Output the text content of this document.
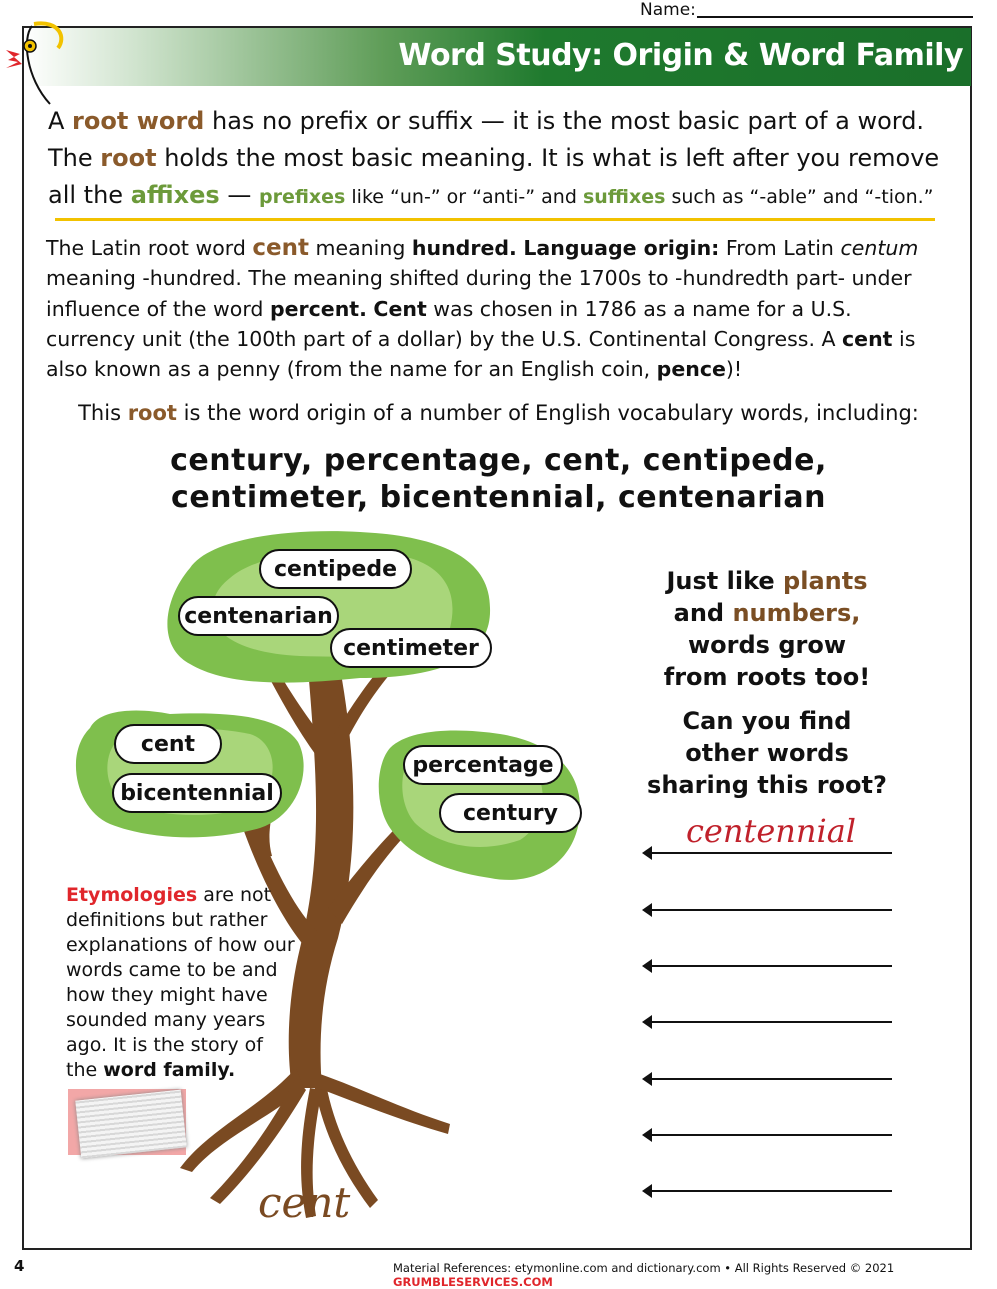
Name:
Word Study: Origin & Word Family
A root word has no prefix or suffix — it is the most basic part of a word.
The root holds the most basic meaning. It is what is left after you remove
all the affixes — prefixes like “un-” or “anti-” and suffixes such as “-able” and “-tion.”
The Latin root word cent meaning hundred. Language origin: From Latin centum meaning -hundred. The meaning shifted during the 1700s to -hundredth part- under influence of the word percent. Cent was chosen in 1786 as a name for a U.S. currency unit (the 100th part of a dollar) by the U.S. Continental Congress. A cent is also known as a penny (from the name for an English coin, pence)!
This root is the word origin of a number of English vocabulary words, including:
century, percentage, cent, centipede,
centimeter, bicentennial, centenarian
centipede
centenarian
centimeter
cent
bicentennial
percentage
century
cent
Just like plants
and numbers,
words grow
from roots too!
Can you find
other words
sharing this root?
centennial
Etymologies are not definitions but rather explanations of how our words came to be and how they might have sounded many years ago. It is the story of the word family.
4	Material References: etymonline.com and dictionary.com • All Rights Reserved © 2021 GRUMBLESERVICES.COM
